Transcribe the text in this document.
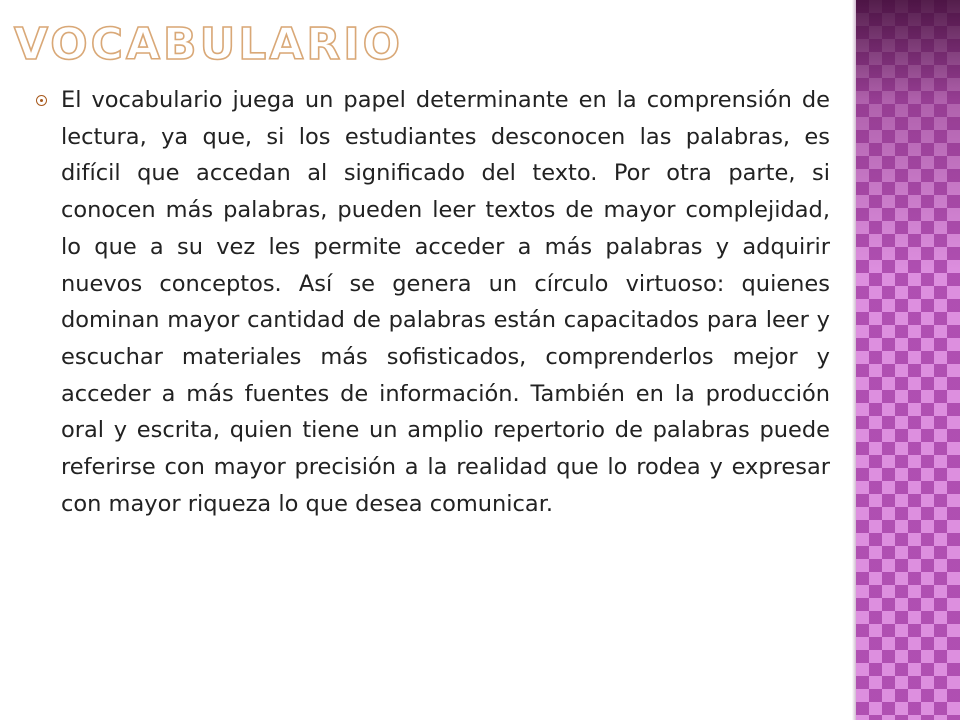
VOCABULARIO

El vocabulario juega un papel determinante en la comprensión de lectura, ya que, si los estudiantes desconocen las palabras, es difícil que accedan al significado del texto. Por otra parte, si conocen más palabras, pueden leer textos de mayor complejidad, lo que a su vez les permite acceder a más palabras y adquirir nuevos conceptos. Así se genera un círculo virtuoso: quienes dominan mayor cantidad de palabras están capacitados para leer y escuchar materiales más sofisticados, comprenderlos mejor y acceder a más fuentes de información. También en la producción oral y escrita, quien tiene un amplio repertorio de palabras puede referirse con mayor precisión a la realidad que lo rodea y expresar con mayor riqueza lo que desea comunicar.
